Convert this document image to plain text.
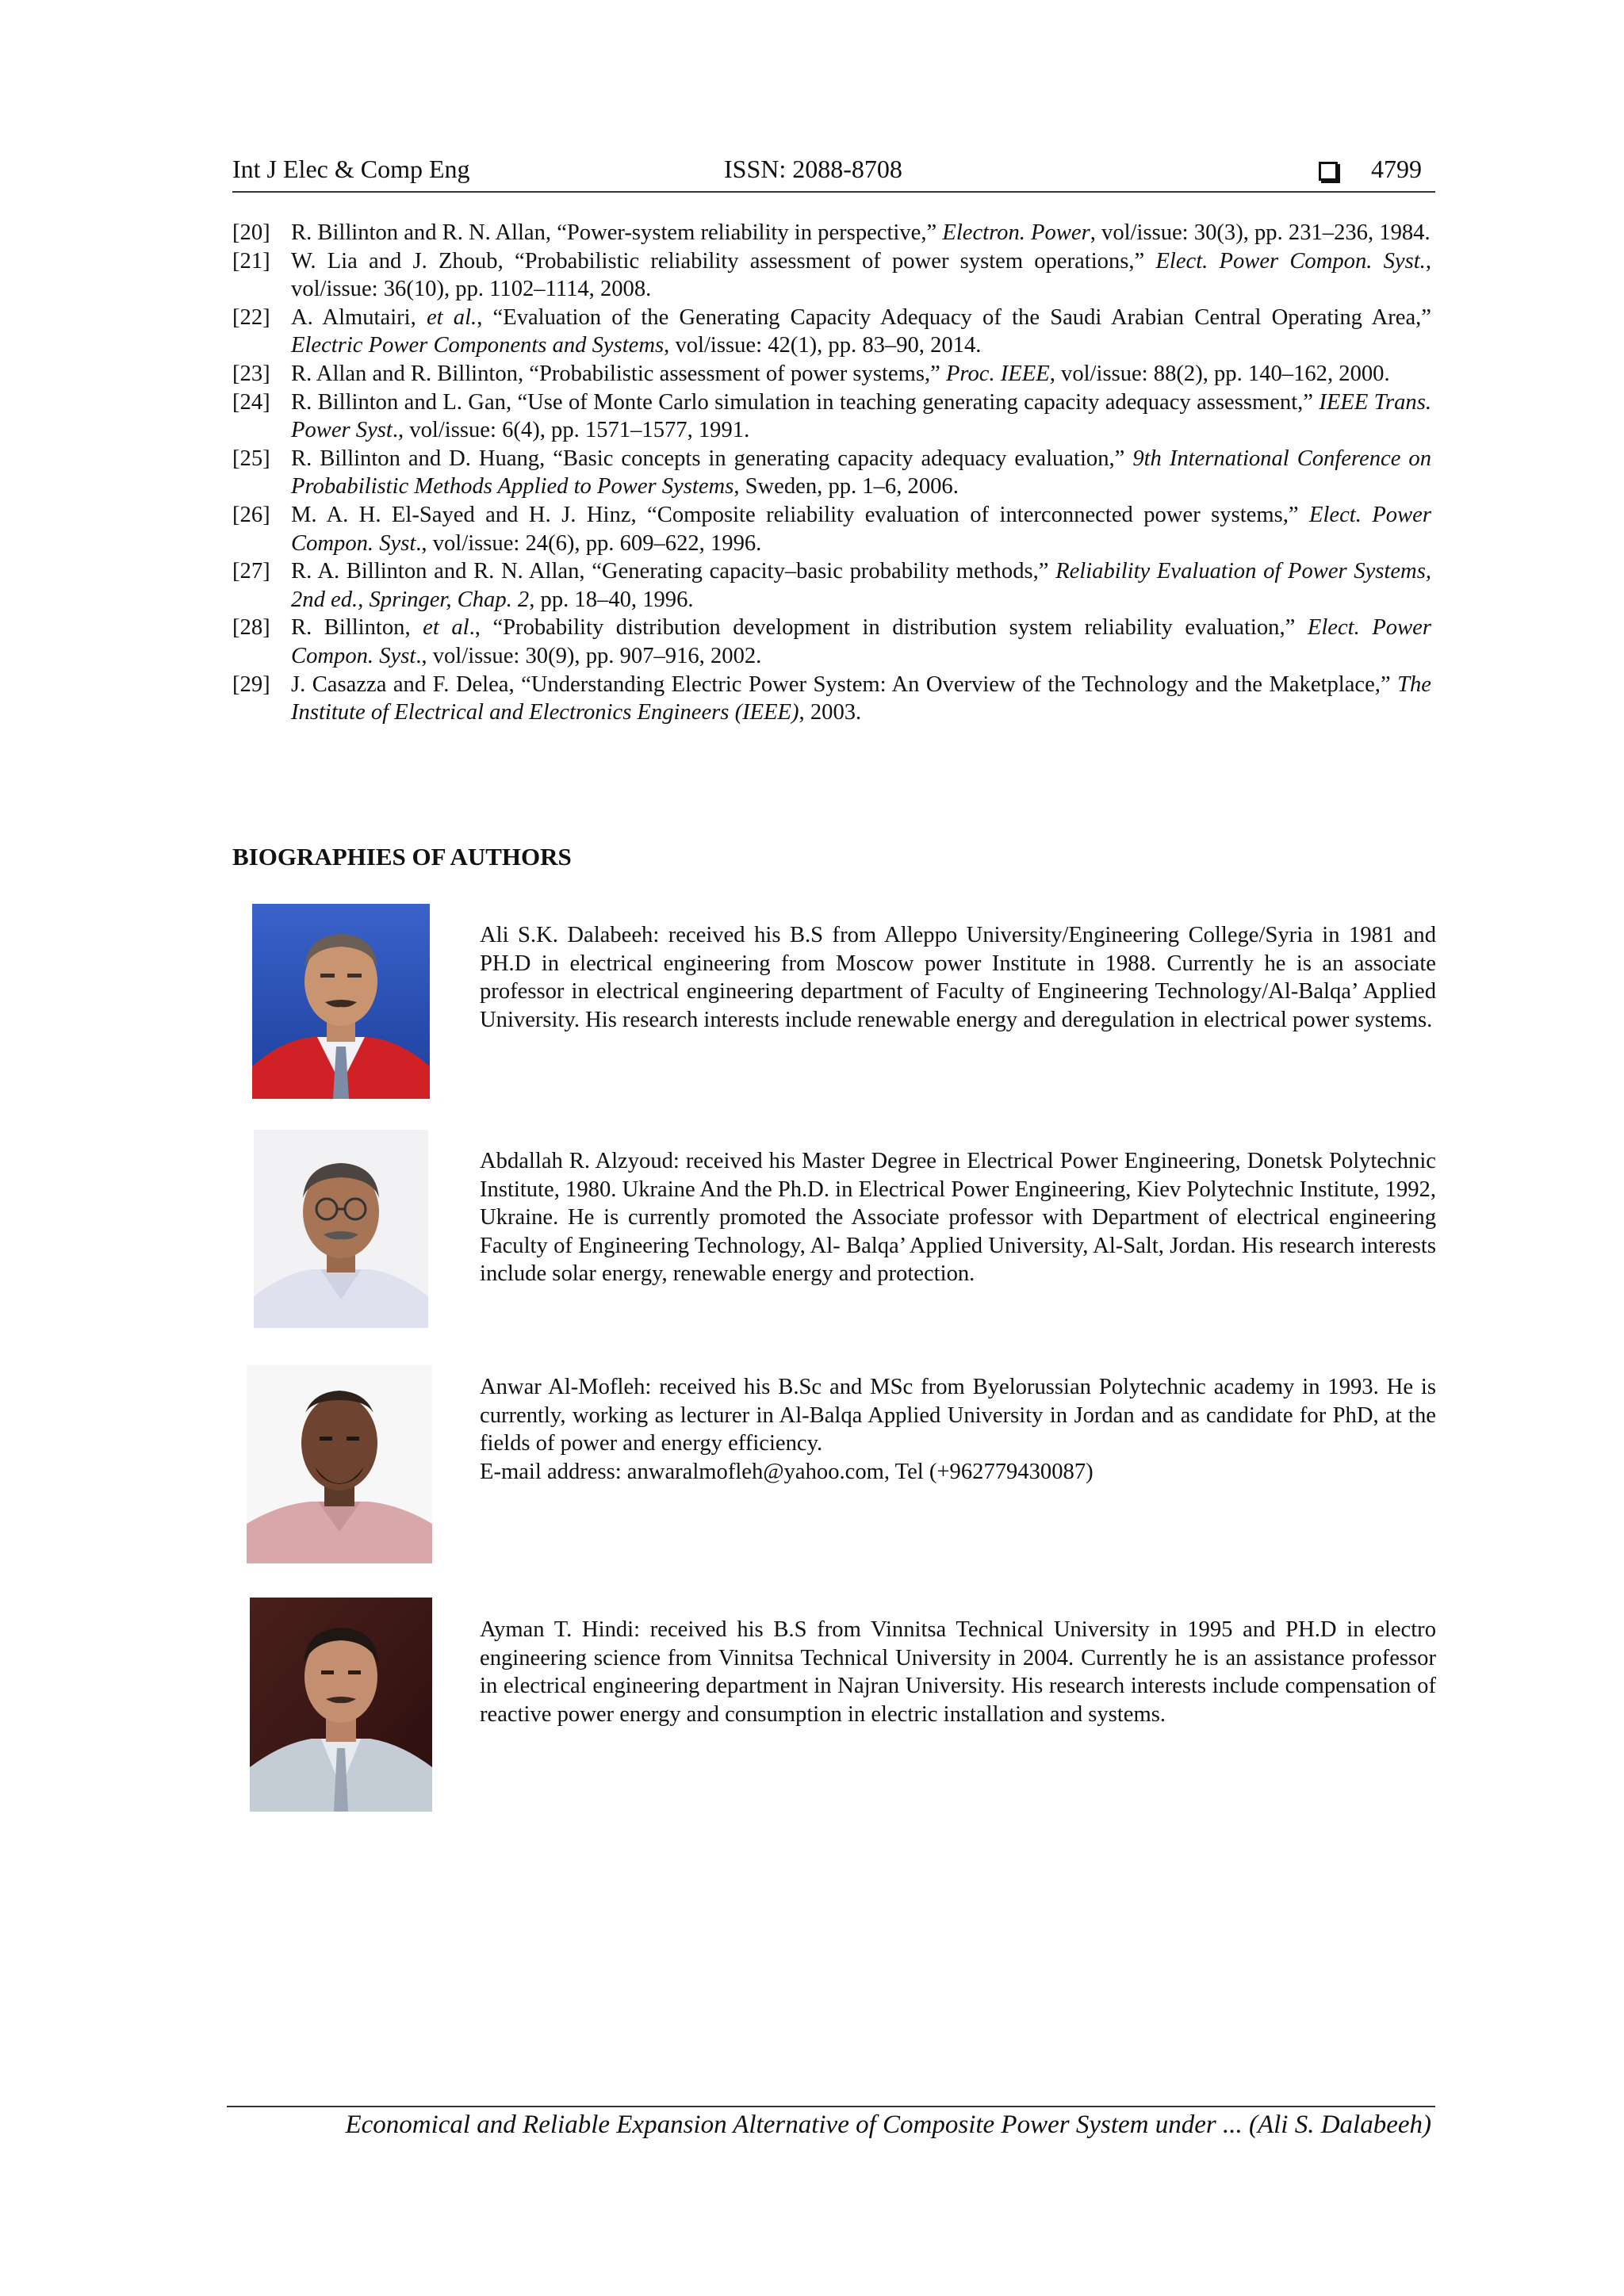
Int J Elec & Comp Eng	ISSN: 2088-8708	4799
[20] R. Billinton and R. N. Allan, “Power-system reliability in perspective,” Electron. Power, vol/issue: 30(3), pp. 231–236, 1984.
[21] W. Lia and J. Zhoub, “Probabilistic reliability assessment of power system operations,” Elect. Power Compon. Syst., vol/issue: 36(10), pp. 1102–1114, 2008.
[22] A. Almutairi, et al., “Evaluation of the Generating Capacity Adequacy of the Saudi Arabian Central Operating Area,” Electric Power Components and Systems, vol/issue: 42(1), pp. 83–90, 2014.
[23] R. Allan and R. Billinton, “Probabilistic assessment of power systems,” Proc. IEEE, vol/issue: 88(2), pp. 140–162, 2000.
[24] R. Billinton and L. Gan, “Use of Monte Carlo simulation in teaching generating capacity adequacy assessment,” IEEE Trans. Power Syst., vol/issue: 6(4), pp. 1571–1577, 1991.
[25] R. Billinton and D. Huang, “Basic concepts in generating capacity adequacy evaluation,” 9th International Conference on Probabilistic Methods Applied to Power Systems, Sweden, pp. 1–6, 2006.
[26] M. A. H. El-Sayed and H. J. Hinz, “Composite reliability evaluation of interconnected power systems,” Elect. Power Compon. Syst., vol/issue: 24(6), pp. 609–622, 1996.
[27] R. A. Billinton and R. N. Allan, “Generating capacity–basic probability methods,” Reliability Evaluation of Power Systems, 2nd ed., Springer, Chap. 2, pp. 18–40, 1996.
[28] R. Billinton, et al., “Probability distribution development in distribution system reliability evaluation,” Elect. Power Compon. Syst., vol/issue: 30(9), pp. 907–916, 2002.
[29] J. Casazza and F. Delea, “Understanding Electric Power System: An Overview of the Technology and the Maketplace,” The Institute of Electrical and Electronics Engineers (IEEE), 2003.
BIOGRAPHIES OF AUTHORS
Ali S.K. Dalabeeh: received his B.S from Alleppo University/Engineering College/Syria in 1981 and PH.D in electrical engineering from Moscow power Institute in 1988. Currently he is an associate professor in electrical engineering department of Faculty of Engineering Technology/Al-Balqa’ Applied University. His research interests include renewable energy and deregulation in electrical power systems.
Abdallah R. Alzyoud: received his Master Degree in Electrical Power Engineering, Donetsk Polytechnic Institute, 1980. Ukraine And the Ph.D. in Electrical Power Engineering, Kiev Polytechnic Institute, 1992, Ukraine. He is currently promoted the Associate professor with Department of electrical engineering Faculty of Engineering Technology, Al- Balqa’ Applied University, Al-Salt, Jordan. His research interests include solar energy, renewable energy and protection.
Anwar Al-Mofleh: received his B.Sc and MSc from Byelorussian Polytechnic academy in 1993. He is currently, working as lecturer in Al-Balqa Applied University in Jordan and as candidate for PhD, at the fields of power and energy efficiency.
E-mail address: anwaralmofleh@yahoo.com, Tel (+962779430087)
Ayman T. Hindi: received his B.S from Vinnitsa Technical University in 1995 and PH.D in electro engineering science from Vinnitsa Technical University in 2004. Currently he is an assistance professor in electrical engineering department in Najran University. His research interests include compensation of reactive power energy and consumption in electric installation and systems.
Economical and Reliable Expansion Alternative of Composite Power System under ... (Ali S. Dalabeeh)
